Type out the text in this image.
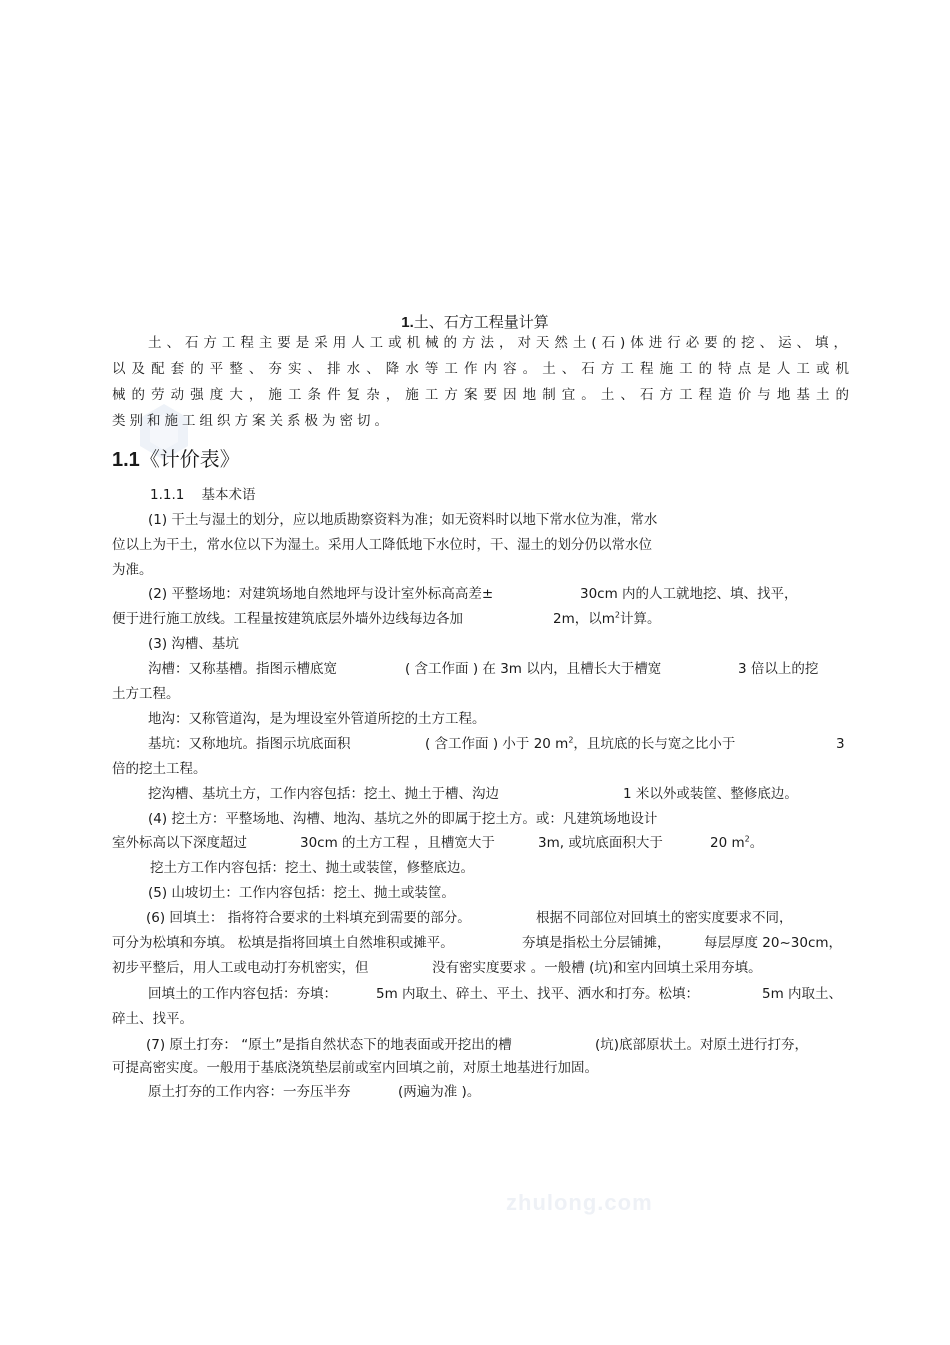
1.土、石方工程量计算
土、石方工程主要是采用人工或机械的方法，对天然土(石)体进行必要的挖、运、填，
以及配套的平整、夯实、排水、降水等工作内容。土、石方工程施工的特点是人工或机
械的劳动强度大，施工条件复杂，施工方案要因地制宜。土、石方工程造价与地基土的
类别和施工组织方案关系极为密切。
1.1《计价表》
1.1.1 基本术语
(1) 干土与湿土的划分，应以地质勘察资料为准；如无资料时以地下常水位为准，常水
位以上为干土，常水位以下为湿土。采用人工降低地下水位时，干、湿土的划分仍以常水位
为准。
(2) 平整场地：对建筑场地自然地坪与设计室外标高高差±	30cm 内的人工就地挖、填、找平，
便于进行施工放线。工程量按建筑底层外墙外边线每边各加	2m，以$m^2$计算。
(3) 沟槽、基坑
沟槽：又称基槽。指图示槽底宽	( 含工作面 ) 在 3m 以内，且槽长大于槽宽	3 倍以上的挖
土方工程。
地沟：又称管道沟，是为埋设室外管道所挖的土方工程。
基坑：又称地坑。指图示坑底面积	( 含工作面 ) 小于 20 $m^2$，且坑底的长与宽之比小于	3
倍的挖土工程。
挖沟槽、基坑土方，工作内容包括：挖土、抛土于槽、沟边	1 米以外或装筐、整修底边。
(4) 挖土方：平整场地、沟槽、地沟、基坑之外的即属于挖土方。或：凡建筑场地设计
室外标高以下深度超过	30cm 的土方工程 ，且槽宽大于	3m, 或坑底面积大于	20 $m^2$。
挖土方工作内容包括：挖土、抛土或装筐，修整底边。
(5) 山坡切土：工作内容包括：挖土、抛土或装筐。
(6) 回填土： 指将符合要求的土料填充到需要的部分。	根据不同部位对回填土的密实度要求不同，
可分为松填和夯填。 松填是指将回填土自然堆积或摊平。	夯填是指松土分层铺摊， 每层厚度 20~30cm，
初步平整后，用人工或电动打夯机密实，但	没有密实度要求 。一般槽 (坑)和室内回填土采用夯填。
回填土的工作内容包括：夯填：	5m 内取土、碎土、平土、找平、洒水和打夯。松填：	5m 内取土、
碎土、找平。
(7) 原土打夯： “原土”是指自然状态下的地表面或开挖出的槽	(坑)底部原状土。对原土进行打夯，
可提高密实度。一般用于基底浇筑垫层前或室内回填之前，对原土地基进行加固。
原土打夯的工作内容：一夯压半夯	(两遍为准 )。
zhulong.com
